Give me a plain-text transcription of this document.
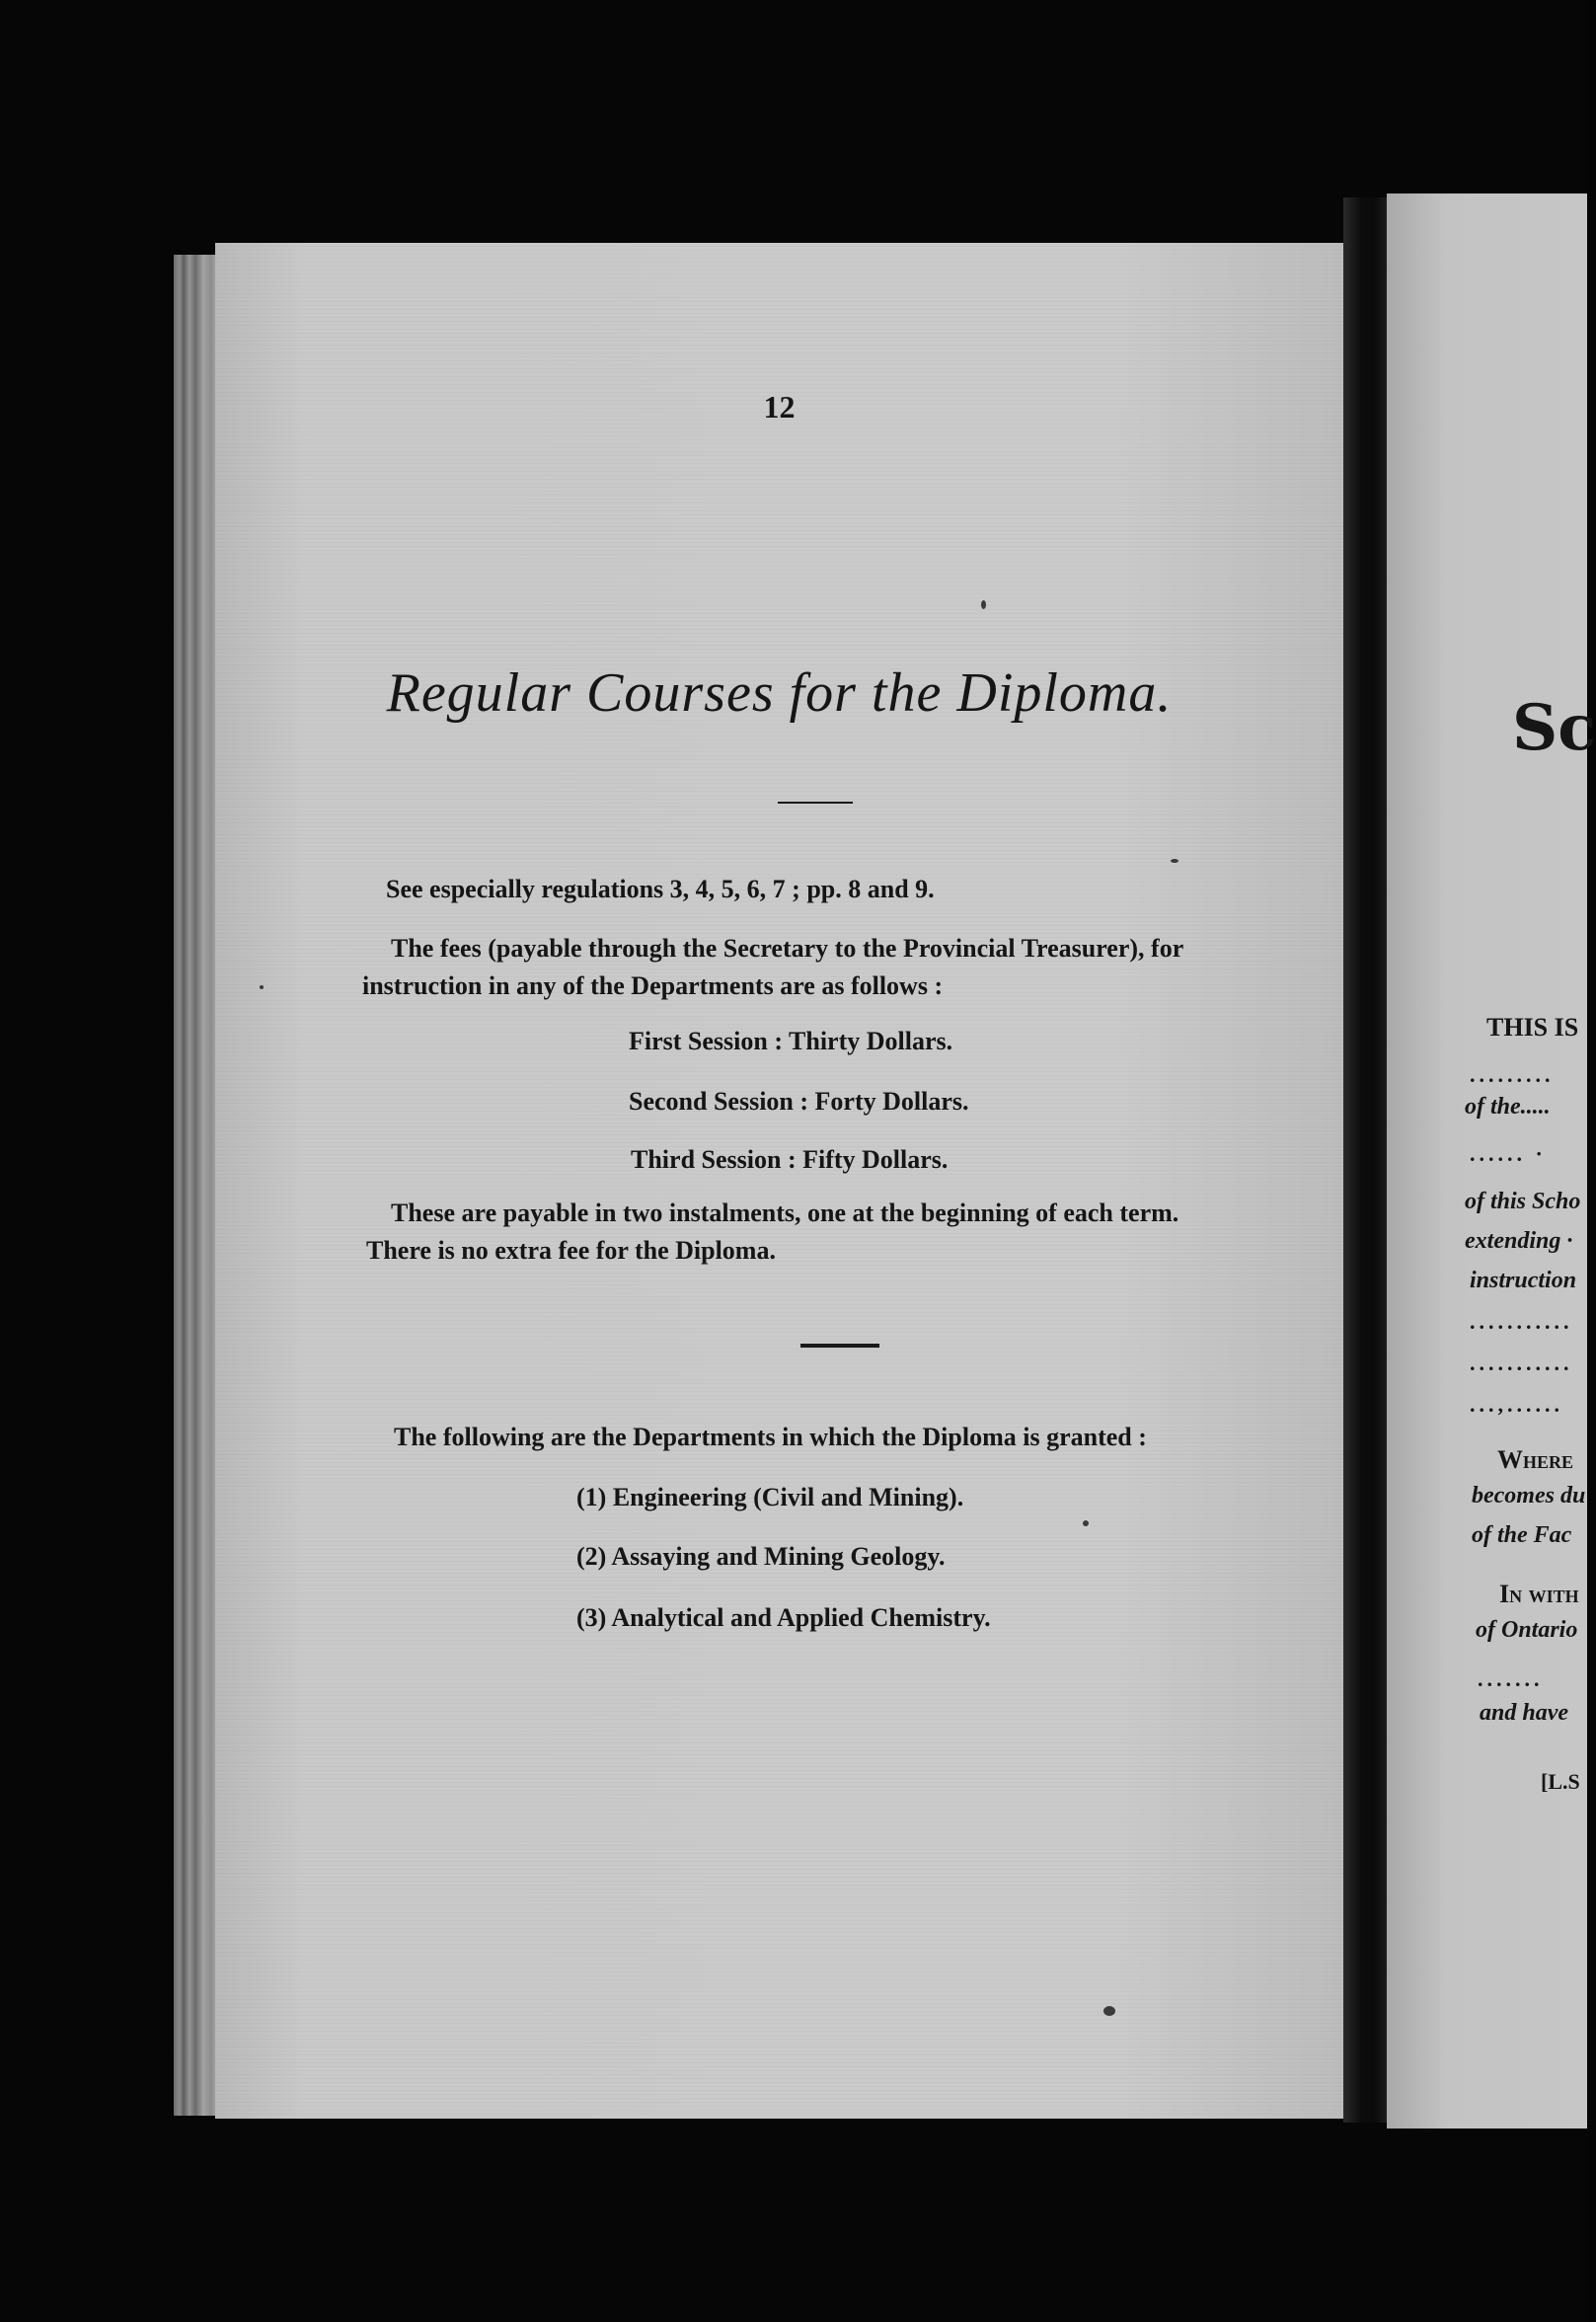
12
Regular Courses for the Diploma.
See especially regulations 3, 4, 5, 6, 7 ; pp. 8 and 9.
The fees (payable through the Secretary to the Provincial Treasurer), for
instruction in any of the Departments are as follows :
First Session : Thirty Dollars.
Second Session : Forty Dollars.
Third Session : Fifty Dollars.
These are payable in two instalments, one at the beginning of each term.
There is no extra fee for the Diploma.
The following are the Departments in which the Diploma is granted :
(1) Engineering (Civil and Mining).
(2) Assaying and Mining Geology.
(3) Analytical and Applied Chemistry.
Sc
THIS IS
.........
of the.....
...... ·
of this Scho
extending ·
instruction
...........
...........
...,......
Where
becomes du
of the Fac
In with
of Ontario
.......
and have
[L.S
